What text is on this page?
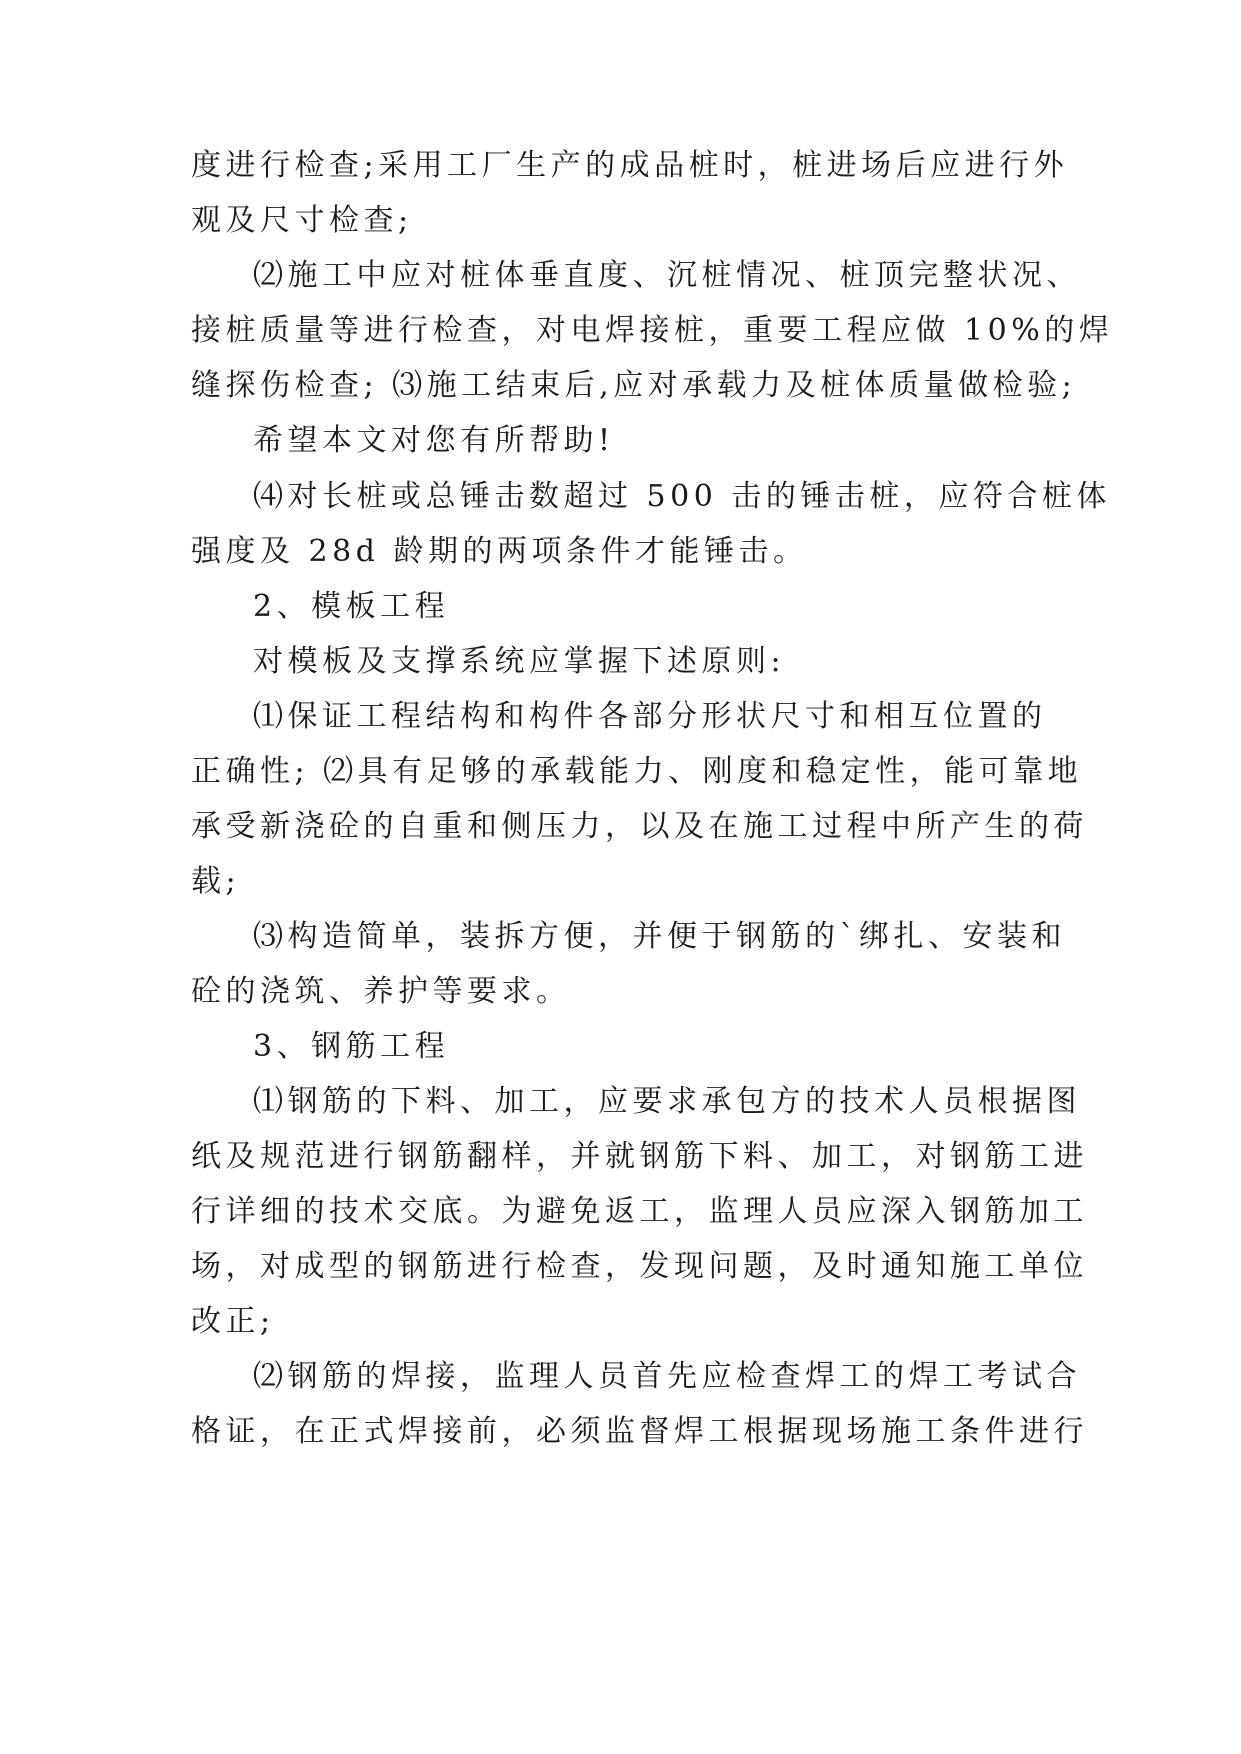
度进行检查;采用工厂生产的成品桩时，桩进场后应进行外
观及尺寸检查;
⑵施工中应对桩体垂直度、沉桩情况、桩顶完整状况、
接桩质量等进行检查，对电焊接桩，重要工程应做 10%的焊
缝探伤检查; ⑶施工结束后,应对承载力及桩体质量做检验;
希望本文对您有所帮助!
⑷对长桩或总锤击数超过 500 击的锤击桩，应符合桩体
强度及 28d 龄期的两项条件才能锤击。
2、模板工程
对模板及支撑系统应掌握下述原则:
⑴保证工程结构和构件各部分形状尺寸和相互位置的
正确性; ⑵具有足够的承载能力、刚度和稳定性，能可靠地
承受新浇砼的自重和侧压力，以及在施工过程中所产生的荷
载;
⑶构造简单，装拆方便，并便于钢筋的`绑扎、安装和
砼的浇筑、养护等要求。
3、钢筋工程
⑴钢筋的下料、加工，应要求承包方的技术人员根据图
纸及规范进行钢筋翻样，并就钢筋下料、加工，对钢筋工进
行详细的技术交底。为避免返工，监理人员应深入钢筋加工
场，对成型的钢筋进行检查，发现问题，及时通知施工单位
改正;
⑵钢筋的焊接，监理人员首先应检查焊工的焊工考试合
格证，在正式焊接前，必须监督焊工根据现场施工条件进行
